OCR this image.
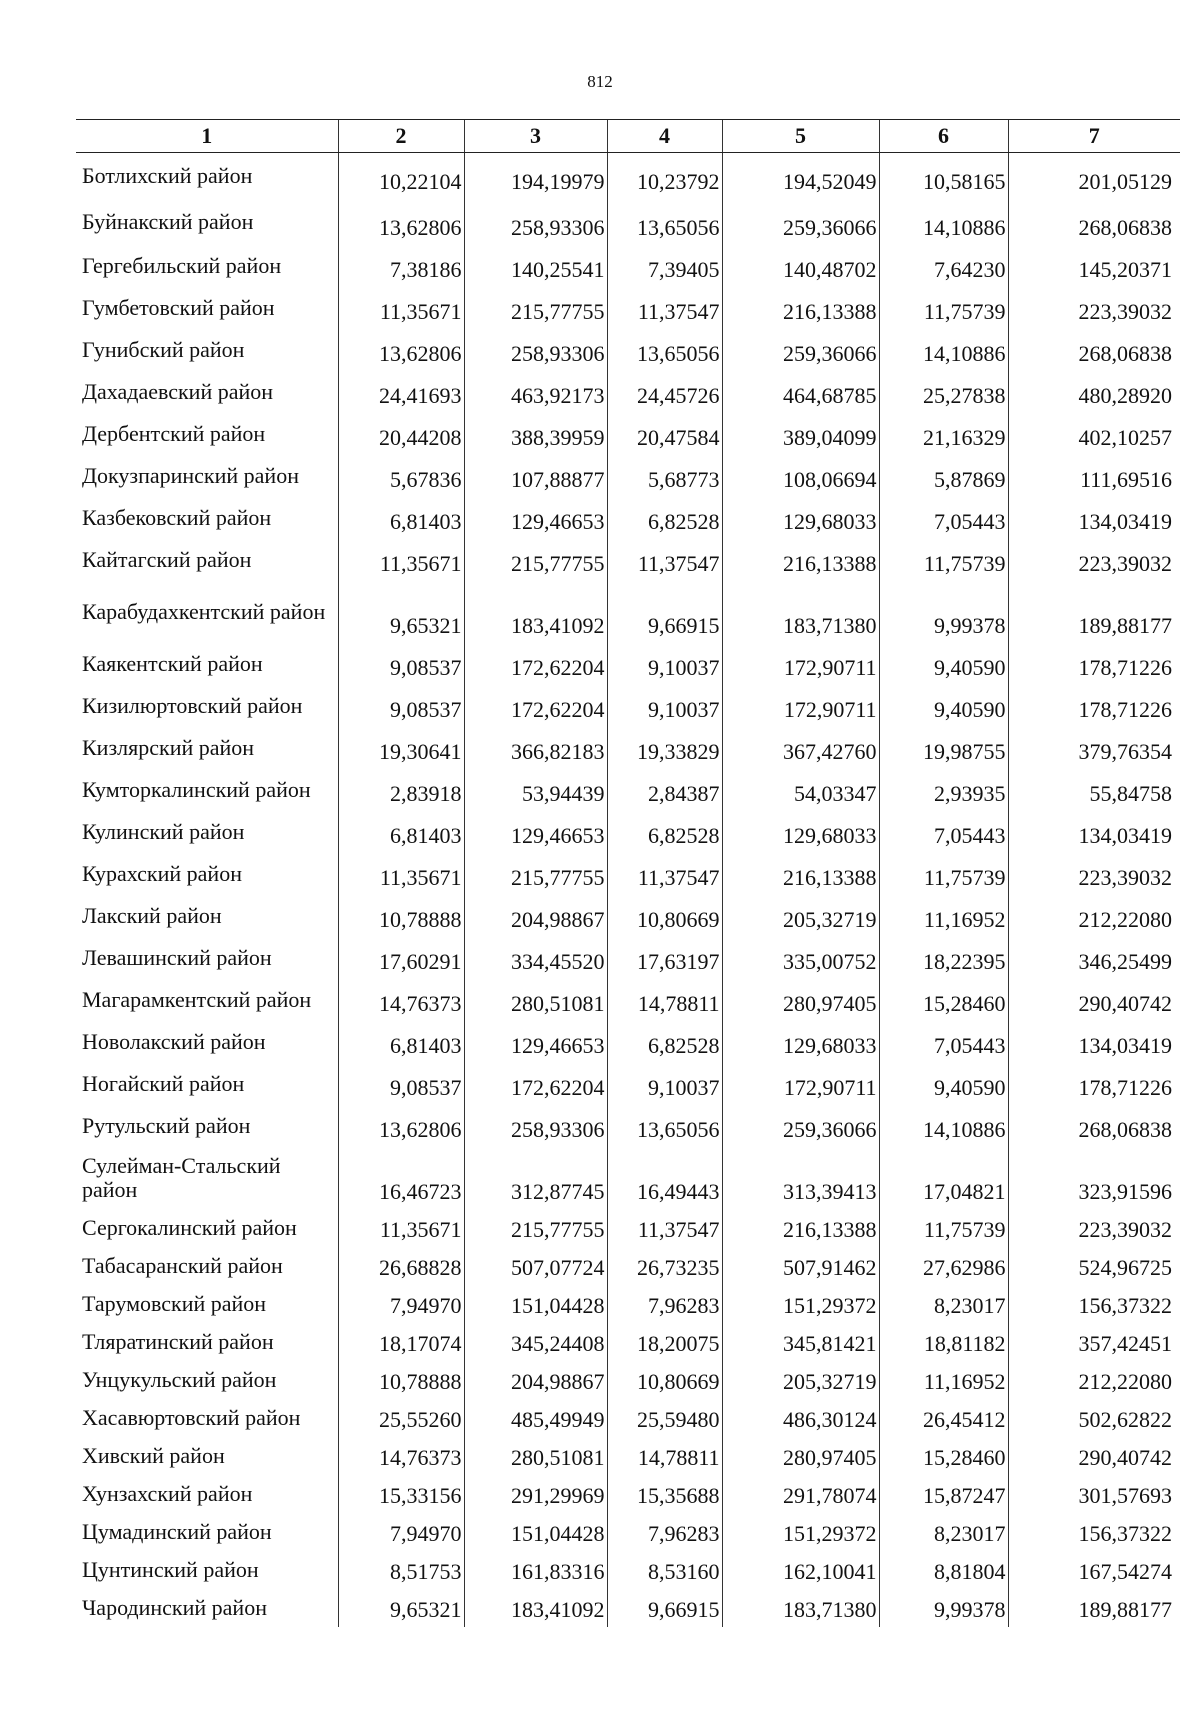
812
1	2	3	4	5	6	7
Ботлихский район	10,22104	194,19979	10,23792	194,52049	10,58165	201,05129
Буйнакский район	13,62806	258,93306	13,65056	259,36066	14,10886	268,06838
Гергебильский район	7,38186	140,25541	7,39405	140,48702	7,64230	145,20371
Гумбетовский район	11,35671	215,77755	11,37547	216,13388	11,75739	223,39032
Гунибский район	13,62806	258,93306	13,65056	259,36066	14,10886	268,06838
Дахадаевский район	24,41693	463,92173	24,45726	464,68785	25,27838	480,28920
Дербентский район	20,44208	388,39959	20,47584	389,04099	21,16329	402,10257
Докузпаринский район	5,67836	107,88877	5,68773	108,06694	5,87869	111,69516
Казбековский район	6,81403	129,46653	6,82528	129,68033	7,05443	134,03419
Кайтагский район	11,35671	215,77755	11,37547	216,13388	11,75739	223,39032
Карабудахкентский район	9,65321	183,41092	9,66915	183,71380	9,99378	189,88177
Каякентский район	9,08537	172,62204	9,10037	172,90711	9,40590	178,71226
Кизилюртовский район	9,08537	172,62204	9,10037	172,90711	9,40590	178,71226
Кизлярский район	19,30641	366,82183	19,33829	367,42760	19,98755	379,76354
Кумторкалинский район	2,83918	53,94439	2,84387	54,03347	2,93935	55,84758
Кулинский район	6,81403	129,46653	6,82528	129,68033	7,05443	134,03419
Курахский район	11,35671	215,77755	11,37547	216,13388	11,75739	223,39032
Лакский район	10,78888	204,98867	10,80669	205,32719	11,16952	212,22080
Левашинский район	17,60291	334,45520	17,63197	335,00752	18,22395	346,25499
Магарамкентский район	14,76373	280,51081	14,78811	280,97405	15,28460	290,40742
Новолакский район	6,81403	129,46653	6,82528	129,68033	7,05443	134,03419
Ногайский район	9,08537	172,62204	9,10037	172,90711	9,40590	178,71226
Рутульский район	13,62806	258,93306	13,65056	259,36066	14,10886	268,06838
Сулейман-Стальский район	16,46723	312,87745	16,49443	313,39413	17,04821	323,91596
Сергокалинский район	11,35671	215,77755	11,37547	216,13388	11,75739	223,39032
Табасаранский район	26,68828	507,07724	26,73235	507,91462	27,62986	524,96725
Тарумовский район	7,94970	151,04428	7,96283	151,29372	8,23017	156,37322
Тляратинский район	18,17074	345,24408	18,20075	345,81421	18,81182	357,42451
Унцукульский район	10,78888	204,98867	10,80669	205,32719	11,16952	212,22080
Хасавюртовский район	25,55260	485,49949	25,59480	486,30124	26,45412	502,62822
Хивский район	14,76373	280,51081	14,78811	280,97405	15,28460	290,40742
Хунзахский район	15,33156	291,29969	15,35688	291,78074	15,87247	301,57693
Цумадинский район	7,94970	151,04428	7,96283	151,29372	8,23017	156,37322
Цунтинский район	8,51753	161,83316	8,53160	162,10041	8,81804	167,54274
Чародинский район	9,65321	183,41092	9,66915	183,71380	9,99378	189,88177
